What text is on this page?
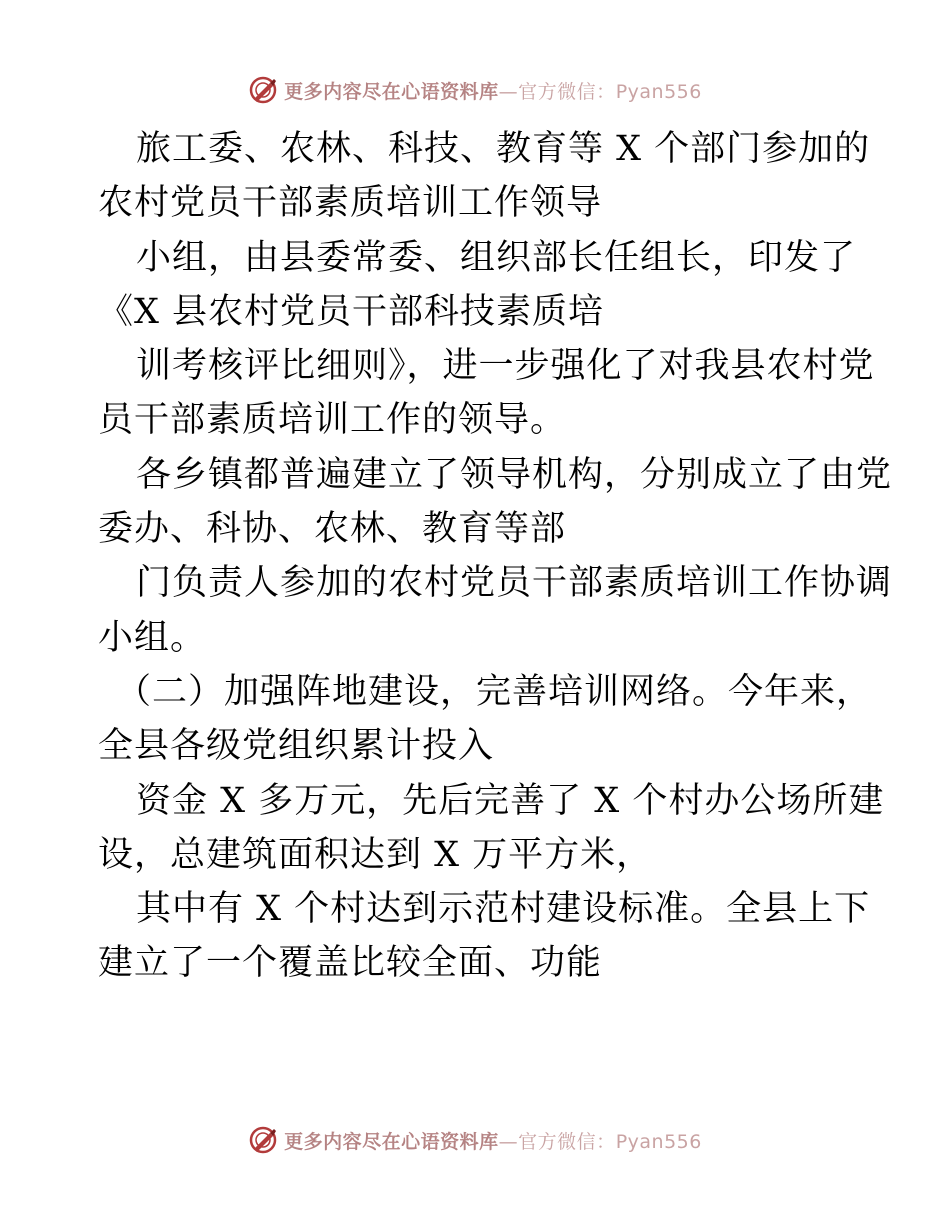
更多内容尽在心语资料库—官方微信：Pyan556
旅工委、农林、科技、教育等 X 个部门参加的
农村党员干部素质培训工作领导
小组，由县委常委、组织部长任组长，印发了
《X 县农村党员干部科技素质培
训考核评比细则》，进一步强化了对我县农村党
员干部素质培训工作的领导。
各乡镇都普遍建立了领导机构，分别成立了由党
委办、科协、农林、教育等部
门负责人参加的农村党员干部素质培训工作协调
小组。
（二）加强阵地建设，完善培训网络。今年来，
全县各级党组织累计投入
资金 X 多万元，先后完善了 X 个村办公场所建
设，总建筑面积达到 X 万平方米，
其中有 X 个村达到示范村建设标准。全县上下
建立了一个覆盖比较全面、功能
更多内容尽在心语资料库—官方微信：Pyan556
